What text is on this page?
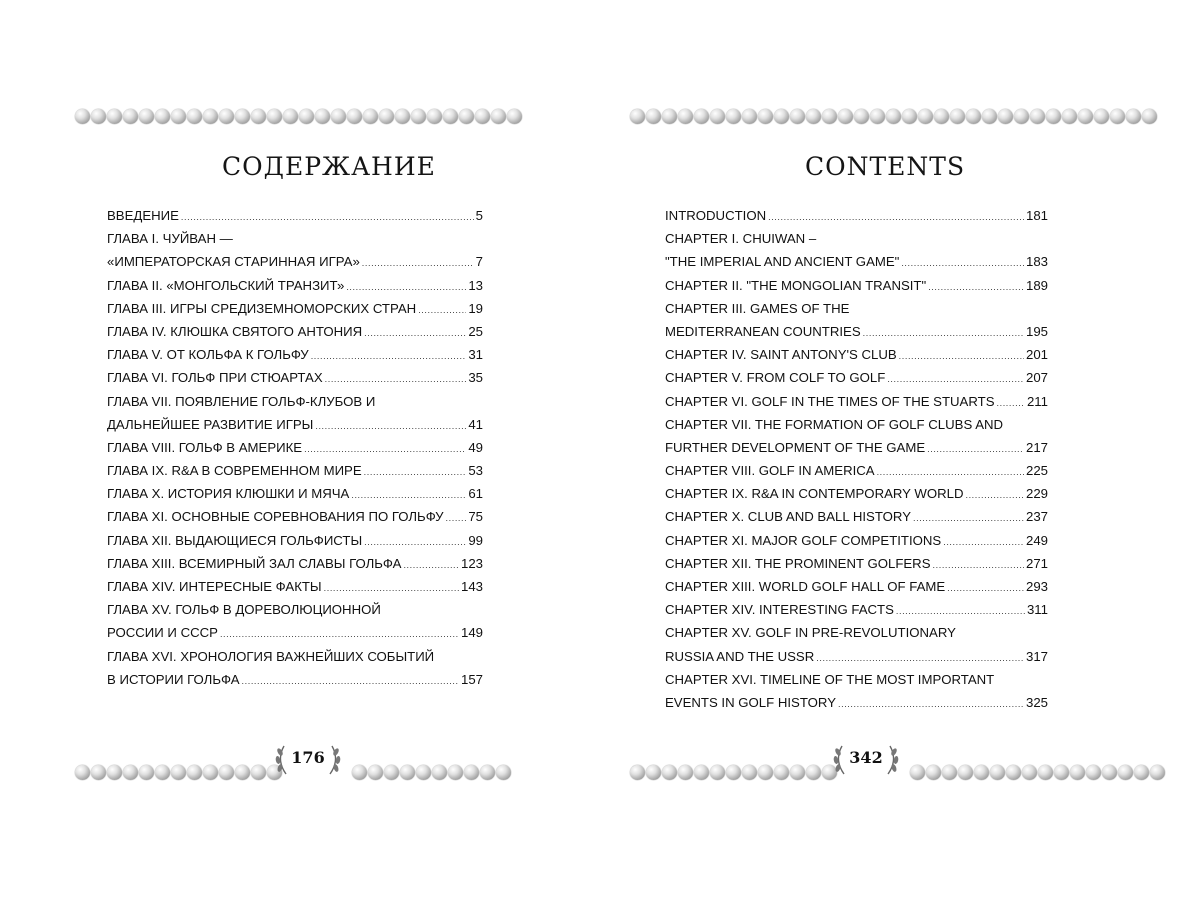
СОДЕРЖАНИЕ
ВВЕДЕНИЕ .....	5
ГЛАВА I. ЧУЙВАН —
«ИМПЕРАТОРСКАЯ СТАРИННАЯ ИГРА» .....	7
ГЛАВА II. «МОНГОЛЬСКИЙ ТРАНЗИТ» .....	13
ГЛАВА III. ИГРЫ СРЕДИЗЕМНОМОРСКИХ СТРАН .....	19
ГЛАВА IV. КЛЮШКА СВЯТОГО АНТОНИЯ .....	25
ГЛАВА V. ОТ КОЛЬФА К ГОЛЬФУ .....	31
ГЛАВА VI. ГОЛЬФ ПРИ СТЮАРТАХ .....	35
ГЛАВА VII. ПОЯВЛЕНИЕ ГОЛЬФ-КЛУБОВ И
ДАЛЬНЕЙШЕЕ РАЗВИТИЕ ИГРЫ .....	41
ГЛАВА VIII. ГОЛЬФ В АМЕРИКЕ .....	49
ГЛАВА IX. R&A В СОВРЕМЕННОМ МИРЕ .....	53
ГЛАВА X. ИСТОРИЯ КЛЮШКИ И МЯЧА .....	61
ГЛАВА XI. ОСНОВНЫЕ СОРЕВНОВАНИЯ ПО ГОЛЬФУ ..... 75
ГЛАВА XII. ВЫДАЮЩИЕСЯ ГОЛЬФИСТЫ .....	99
ГЛАВА XIII. ВСЕМИРНЫЙ ЗАЛ СЛАВЫ ГОЛЬФА .....	123
ГЛАВА XIV. ИНТЕРЕСНЫЕ ФАКТЫ .....	143
ГЛАВА XV. ГОЛЬФ В ДОРЕВОЛЮЦИОННОЙ
РОССИИ И СССР .....	149
ГЛАВА XVI. ХРОНОЛОГИЯ ВАЖНЕЙШИХ СОБЫТИЙ
В ИСТОРИИ ГОЛЬФА .....	157
176
CONTENTS
INTRODUCTION .....	181
CHAPTER I. CHUIWAN –
"THE IMPERIAL AND ANCIENT GAME" .....	183
CHAPTER II. "THE MONGOLIAN TRANSIT" .....	189
CHAPTER III. GAMES OF THE
MEDITERRANEAN COUNTRIES .....	195
CHAPTER IV. SAINT ANTONY'S CLUB .....	201
CHAPTER V. FROM COLF TO GOLF .....	207
CHAPTER VI. GOLF IN THE TIMES OF THE STUARTS ..... 211
CHAPTER VII. THE FORMATION OF GOLF CLUBS AND
FURTHER DEVELOPMENT OF THE GAME .....	217
CHAPTER VIII. GOLF IN AMERICA .....	225
CHAPTER IX. R&A IN CONTEMPORARY WORLD .....	229
CHAPTER X. CLUB AND BALL HISTORY .....	237
CHAPTER XI. MAJOR GOLF COMPETITIONS .....	249
CHAPTER XII. THE PROMINENT GOLFERS .....	271
CHAPTER XIII. WORLD GOLF HALL OF FAME .....	293
CHAPTER XIV. INTERESTING FACTS .....	311
CHAPTER XV. GOLF IN PRE-REVOLUTIONARY
RUSSIA AND THE USSR .....	317
CHAPTER XVI. TIMELINE OF THE MOST IMPORTANT
EVENTS IN GOLF HISTORY .....	325
342
